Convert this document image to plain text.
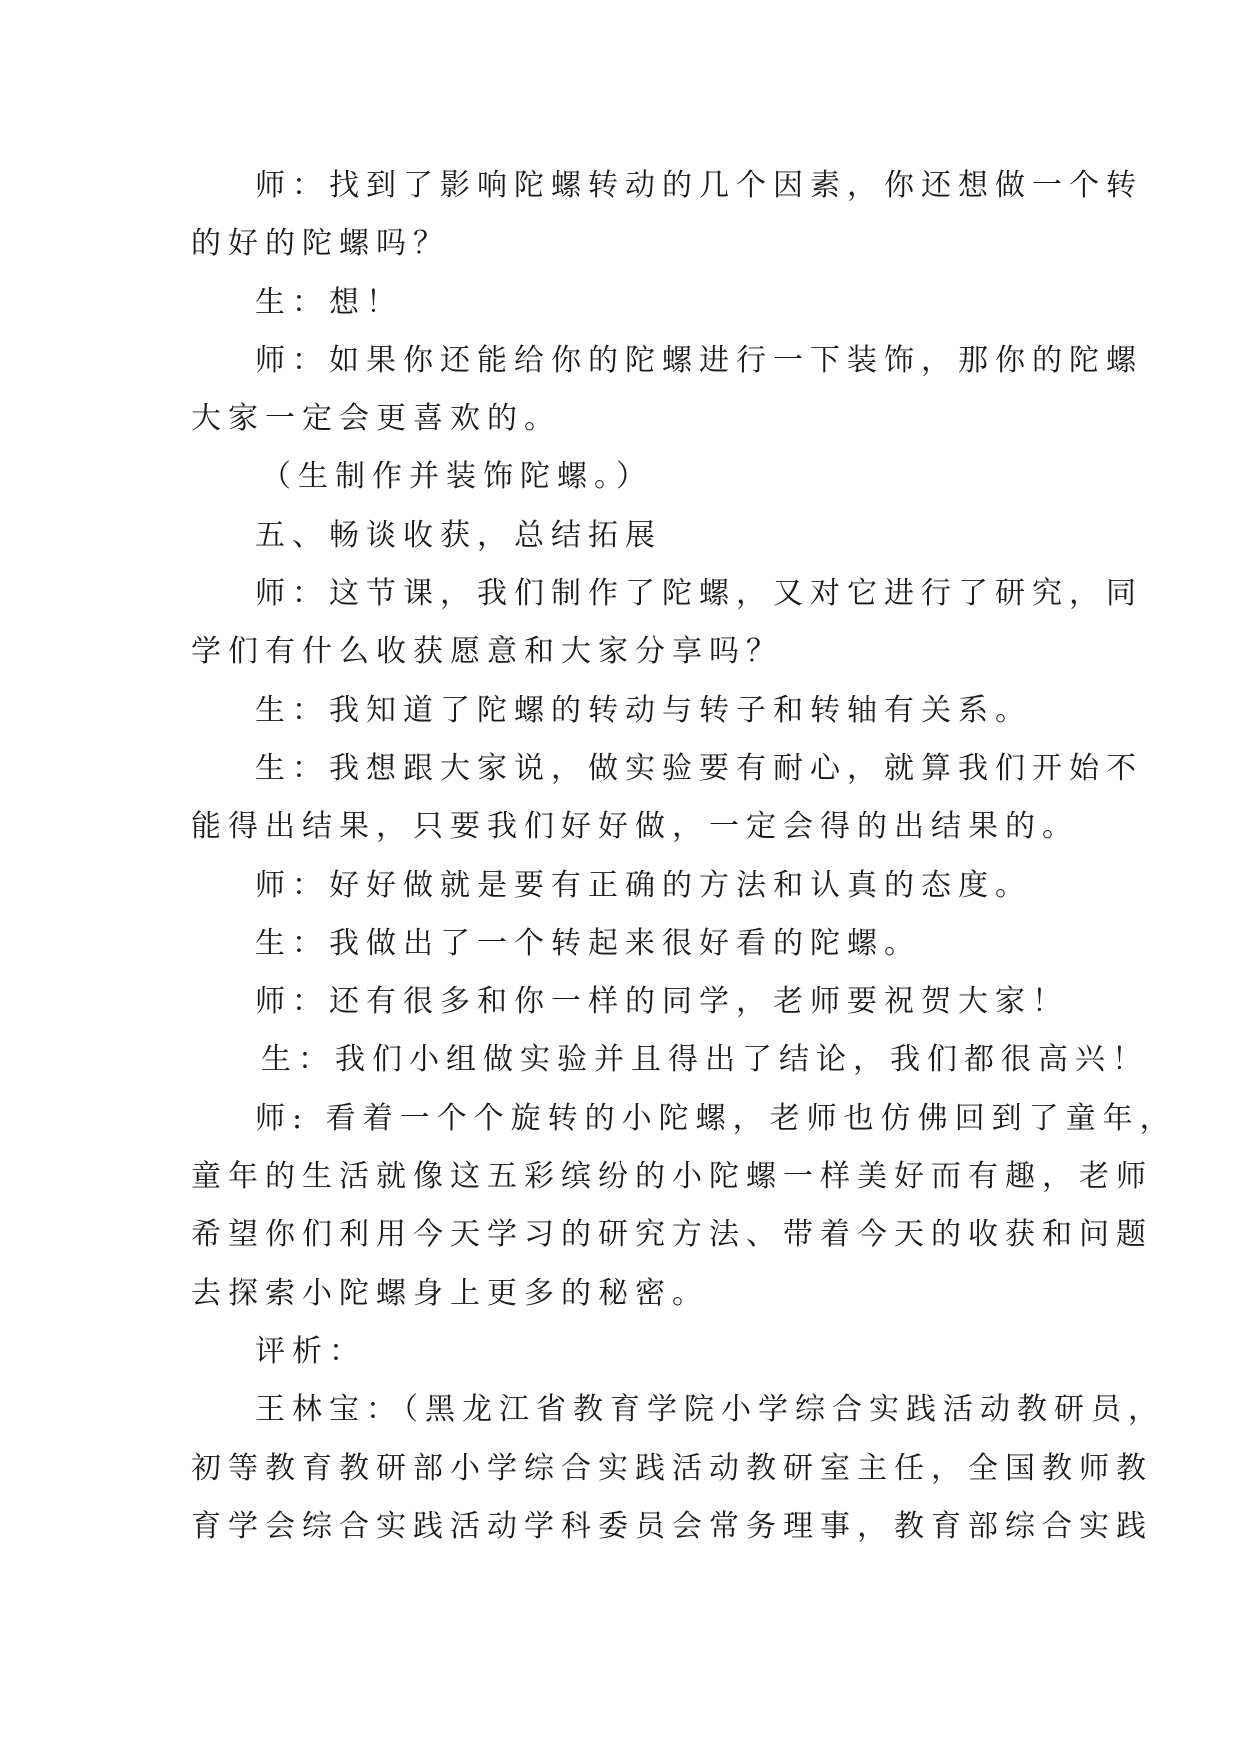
师：找到了影响陀螺转动的几个因素，你还想做一个转
的好的陀螺吗？
生：想！
师：如果你还能给你的陀螺进行一下装饰，那你的陀螺
大家一定会更喜欢的。
（生制作并装饰陀螺。）
五、畅谈收获，总结拓展
师：这节课，我们制作了陀螺，又对它进行了研究，同
学们有什么收获愿意和大家分享吗？
生：我知道了陀螺的转动与转子和转轴有关系。
生：我想跟大家说，做实验要有耐心，就算我们开始不
能得出结果，只要我们好好做，一定会得的出结果的。
师：好好做就是要有正确的方法和认真的态度。
生：我做出了一个转起来很好看的陀螺。
师：还有很多和你一样的同学，老师要祝贺大家！
生：我们小组做实验并且得出了结论，我们都很高兴！
师: 看着一个个旋转的小陀螺，老师也仿佛回到了童年，
童年的生活就像这五彩缤纷的小陀螺一样美好而有趣，老师
希望你们利用今天学习的研究方法、带着今天的收获和问题
去探索小陀螺身上更多的秘密。
评析：
王林宝：（黑龙江省教育学院小学综合实践活动教研员，
初等教育教研部小学综合实践活动教研室主任，全国教师教
育学会综合实践活动学科委员会常务理事，教育部综合实践
